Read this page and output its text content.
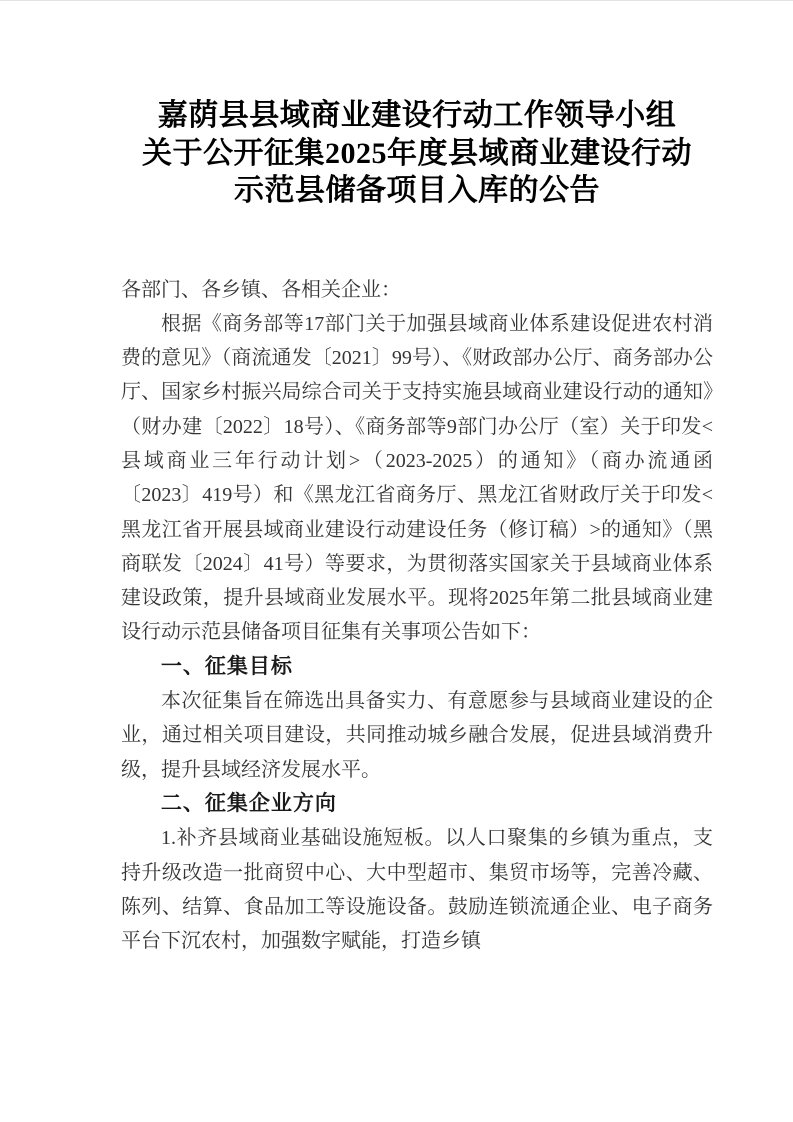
嘉荫县县域商业建设行动工作领导小组
关于公开征集2025年度县域商业建设行动
示范县储备项目入库的公告

各部门、各乡镇、各相关企业：

根据《商务部等17部门关于加强县域商业体系建设促进农村消费的意见》（商流通发〔2021〕99号）、《财政部办公厅、商务部办公厅、国家乡村振兴局综合司关于支持实施县域商业建设行动的通知》（财办建〔2022〕18号）、《商务部等9部门办公厅（室）关于印发<县域商业三年行动计划>（2023-2025）的通知》（商办流通函〔2023〕419号）和《黑龙江省商务厅、黑龙江省财政厅关于印发<黑龙江省开展县域商业建设行动建设任务（修订稿）>的通知》（黑商联发〔2024〕41号）等要求，为贯彻落实国家关于县域商业体系建设政策，提升县域商业发展水平。现将2025年第二批县域商业建设行动示范县储备项目征集有关事项公告如下：

一、征集目标

本次征集旨在筛选出具备实力、有意愿参与县域商业建设的企业，通过相关项目建设，共同推动城乡融合发展，促进县域消费升级，提升县域经济发展水平。

二、征集企业方向

1.补齐县域商业基础设施短板。以人口聚集的乡镇为重点，支持升级改造一批商贸中心、大中型超市、集贸市场等，完善冷藏、陈列、结算、食品加工等设施设备。鼓励连锁流通企业、电子商务平台下沉农村，加强数字赋能，打造乡镇
